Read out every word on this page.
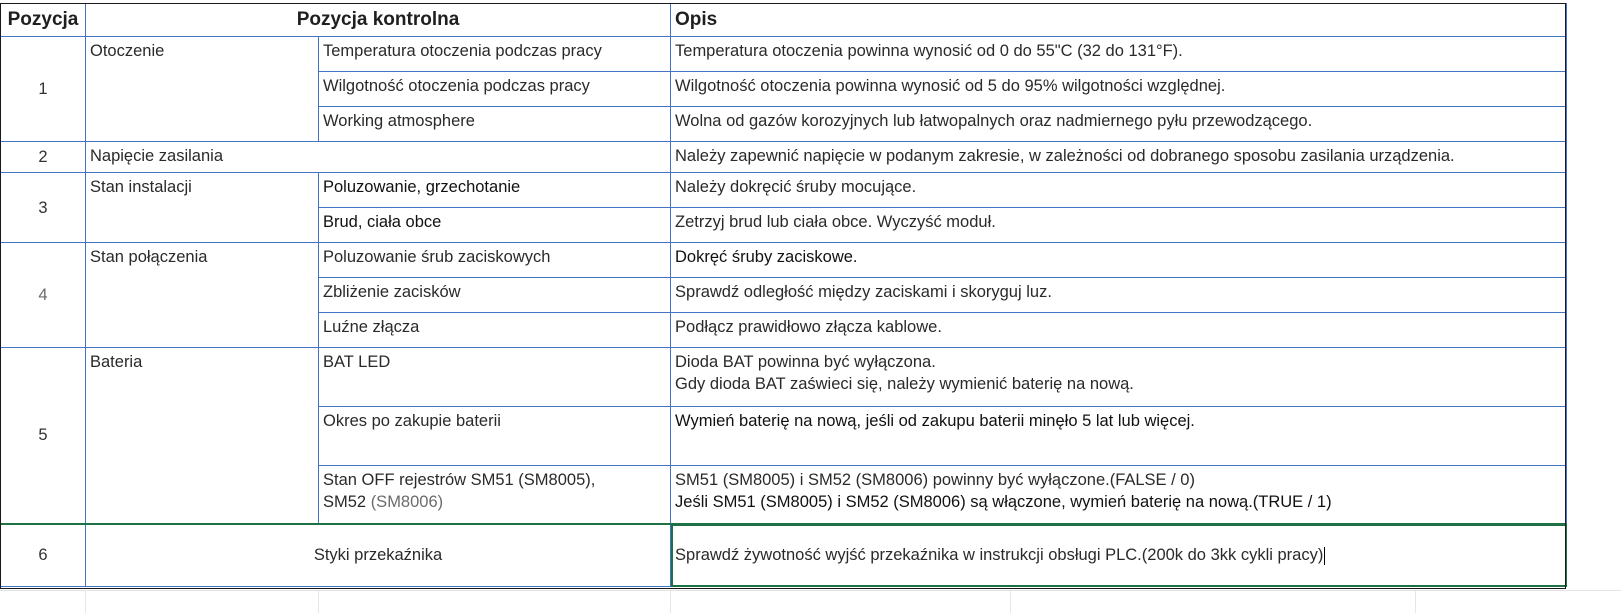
Pozycja	Pozycja kontrolna		Opis
1	Otoczenie	Temperatura otoczenia podczas pracy	Temperatura otoczenia powinna wynosić od 0 do 55"C (32 do 131°F).
		Wilgotność otoczenia podczas pracy	Wilgotność otoczenia powinna wynosić od 5 do 95% wilgotności względnej.
		Working atmosphere	Wolna od gazów korozyjnych lub łatwopalnych oraz nadmiernego pyłu przewodzącego.
2	Napięcie zasilania		Należy zapewnić napięcie w podanym zakresie, w zależności od dobranego sposobu zasilania urządzenia.
3	Stan instalacji	Poluzowanie, grzechotanie	Należy dokręcić śruby mocujące.
		Brud, ciała obce	Zetrzyj brud lub ciała obce. Wyczyść moduł.
4	Stan połączenia	Poluzowanie śrub zaciskowych	Dokręć śruby zaciskowe.
		Zbliżenie zacisków	Sprawdź odległość między zaciskami i skoryguj luz.
		Luźne złącza	Podłącz prawidłowo złącza kablowe.
5	Bateria	BAT LED	Dioda BAT powinna być wyłączona.
Gdy dioda BAT zaświeci się, należy wymienić baterię na nową.

		Okres po zakupie baterii	Wymień baterię na nową, jeśli od zakupu baterii minęło 5 lat lub więcej.

		Stan OFF rejestrów SM51 (SM8005),
SM52 (SM8006)	SM51 (SM8005) i SM52 (SM8006) powinny być wyłączone.(FALSE / 0)
Jeśli SM51 (SM8005) i SM52 (SM8006) są włączone, wymień baterię na nową.(TRUE / 1)

6	Styki przekaźnika		Sprawdź żywotność wyjść przekaźnika w instrukcji obsługi PLC.(200k do 3kk cykli pracy)
